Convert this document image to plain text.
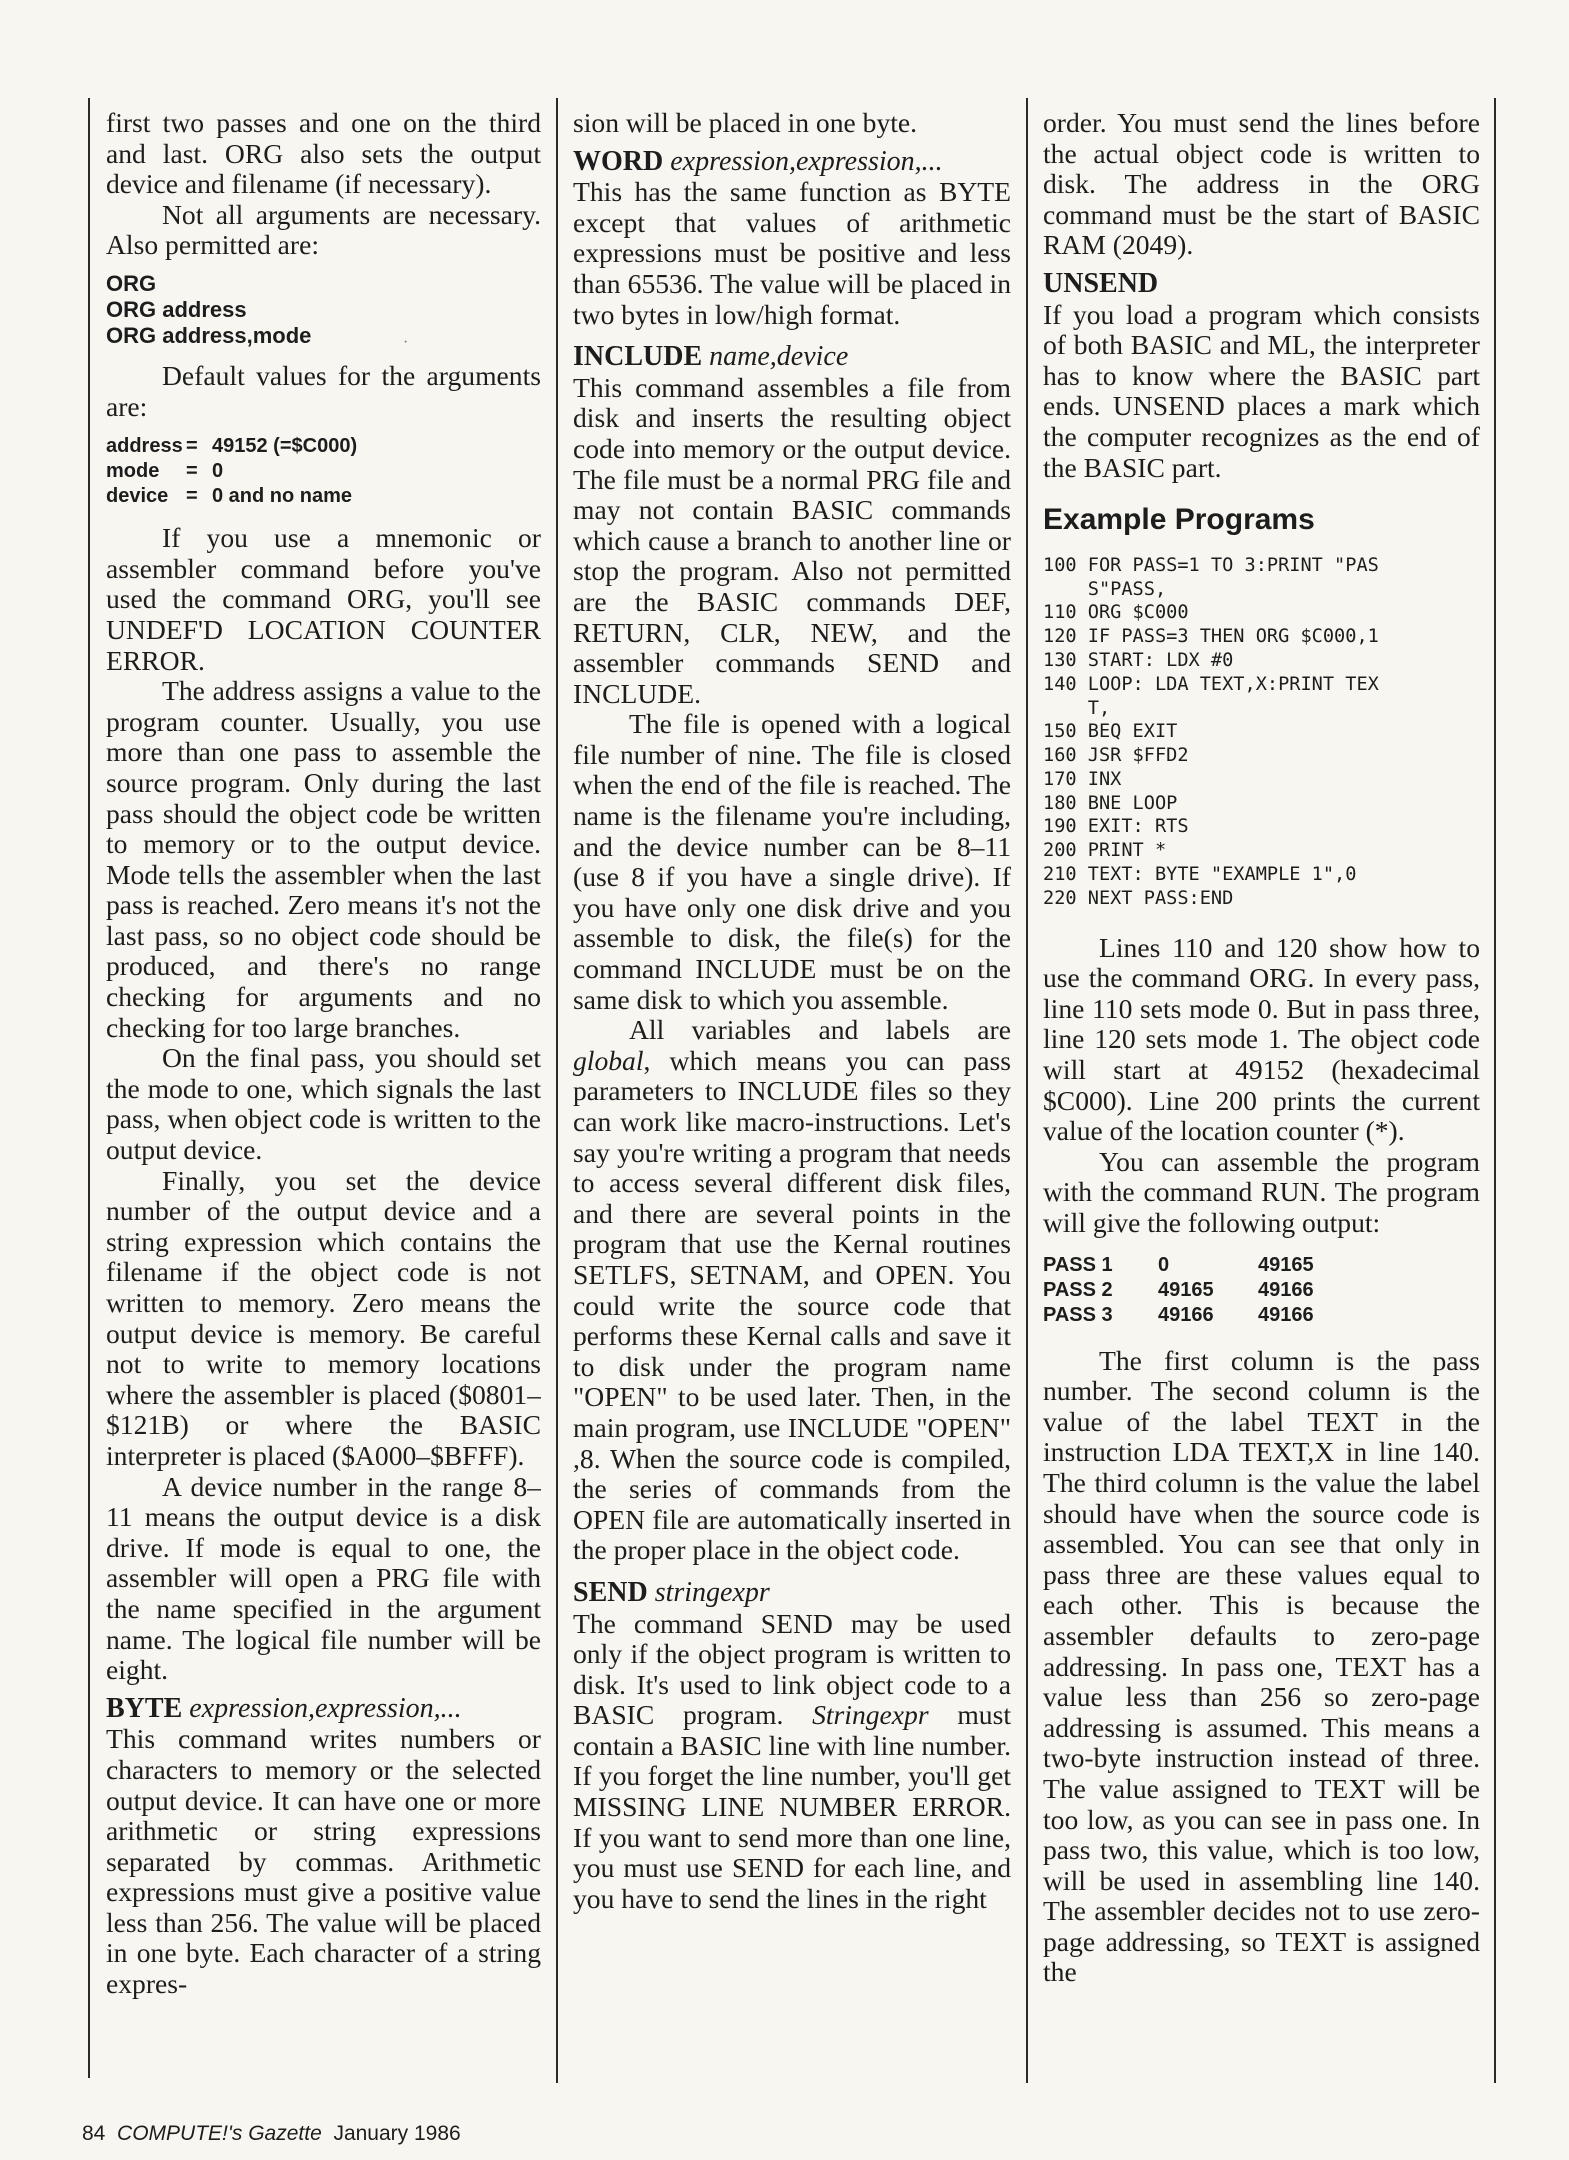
·

first two passes and one on the third and last. ORG also sets the output device and filename (if necessary).

Not all arguments are necessary. Also permitted are:

ORG
ORG address
ORG address,mode

Default values for the arguments are:

address = 49152 (=$C000)
mode = 0
device = 0 and no name

If you use a mnemonic or assembler command before you've used the command ORG, you'll see UNDEF'D LOCATION COUNTER ERROR.

The address assigns a value to the program counter. Usually, you use more than one pass to assemble the source program. Only during the last pass should the object code be written to memory or to the output device. Mode tells the assembler when the last pass is reached. Zero means it's not the last pass, so no object code should be produced, and there's no range checking for arguments and no checking for too large branches.

On the final pass, you should set the mode to one, which signals the last pass, when object code is written to the output device.

Finally, you set the device number of the output device and a string expression which contains the filename if the object code is not written to memory. Zero means the output device is memory. Be careful not to write to memory locations where the assembler is placed ($0801–$121B) or where the BASIC interpreter is placed ($A000–$BFFF).

A device number in the range 8–11 means the output device is a disk drive. If mode is equal to one, the assembler will open a PRG file with the name specified in the argument name. The logical file number will be eight.

BYTE expression,expression,...

This command writes numbers or characters to memory or the selected output device. It can have one or more arithmetic or string expressions separated by commas. Arithmetic expressions must give a positive value less than 256. The value will be placed in one byte. Each character of a string expres-

sion will be placed in one byte.

WORD expression,expression,...

This has the same function as BYTE except that values of arithmetic expressions must be positive and less than 65536. The value will be placed in two bytes in low/high format.

INCLUDE name,device

This command assembles a file from disk and inserts the resulting object code into memory or the output device. The file must be a normal PRG file and may not contain BASIC commands which cause a branch to another line or stop the program. Also not permitted are the BASIC commands DEF, RETURN, CLR, NEW, and the assembler commands SEND and INCLUDE.

The file is opened with a logical file number of nine. The file is closed when the end of the file is reached. The name is the filename you're including, and the device number can be 8–11 (use 8 if you have a single drive). If you have only one disk drive and you assemble to disk, the file(s) for the command INCLUDE must be on the same disk to which you assemble.

All variables and labels are global, which means you can pass parameters to INCLUDE files so they can work like macro-instructions. Let's say you're writing a program that needs to access several different disk files, and there are several points in the program that use the Kernal routines SETLFS, SETNAM, and OPEN. You could write the source code that performs these Kernal calls and save it to disk under the program name "OPEN" to be used later. Then, in the main program, use INCLUDE "OPEN" ,8. When the source code is compiled, the series of commands from the OPEN file are automatically inserted in the proper place in the object code.

SEND stringexpr

The command SEND may be used only if the object program is written to disk. It's used to link object code to a BASIC program. Stringexpr must contain a BASIC line with line number. If you forget the line number, you'll get MISSING LINE NUMBER ERROR. If you want to send more than one line, you must use SEND for each line, and you have to send the lines in the right

order. You must send the lines before the actual object code is written to disk. The address in the ORG command must be the start of BASIC RAM (2049).

UNSEND

If you load a program which consists of both BASIC and ML, the interpreter has to know where the BASIC part ends. UNSEND places a mark which the computer recognizes as the end of the BASIC part.

Example Programs
100 FOR PASS=1 TO 3:PRINT "PAS
S"PASS,
110 ORG $C000
120 IF PASS=3 THEN ORG $C000,1
130 START: LDX #0
140 LOOP: LDA TEXT,X:PRINT TEX
T,
150 BEQ EXIT
160 JSR $FFD2
170 INX
180 BNE LOOP
190 EXIT: RTS
200 PRINT *
210 TEXT: BYTE "EXAMPLE 1",0
220 NEXT PASS:END

Lines 110 and 120 show how to use the command ORG. In every pass, line 110 sets mode 0. But in pass three, line 120 sets mode 1. The object code will start at 49152 (hexadecimal $C000). Line 200 prints the current value of the location counter (*).

You can assemble the program with the command RUN. The program will give the following output:

PASS 1 0	49165
PASS 2 49165 49166
PASS 3 49166 49166

The first column is the pass number. The second column is the value of the label TEXT in the instruction LDA TEXT,X in line 140. The third column is the value the label should have when the source code is assembled. You can see that only in pass three are these values equal to each other. This is because the assembler defaults to zero-page addressing. In pass one, TEXT has a value less than 256 so zero-page addressing is assumed. This means a two-byte instruction instead of three. The value assigned to TEXT will be too low, as you can see in pass one. In pass two, this value, which is too low, will be used in assembling line 140. The assembler decides not to use zero-page addressing, so TEXT is assigned the

84 COMPUTE!'s Gazette January 1986
